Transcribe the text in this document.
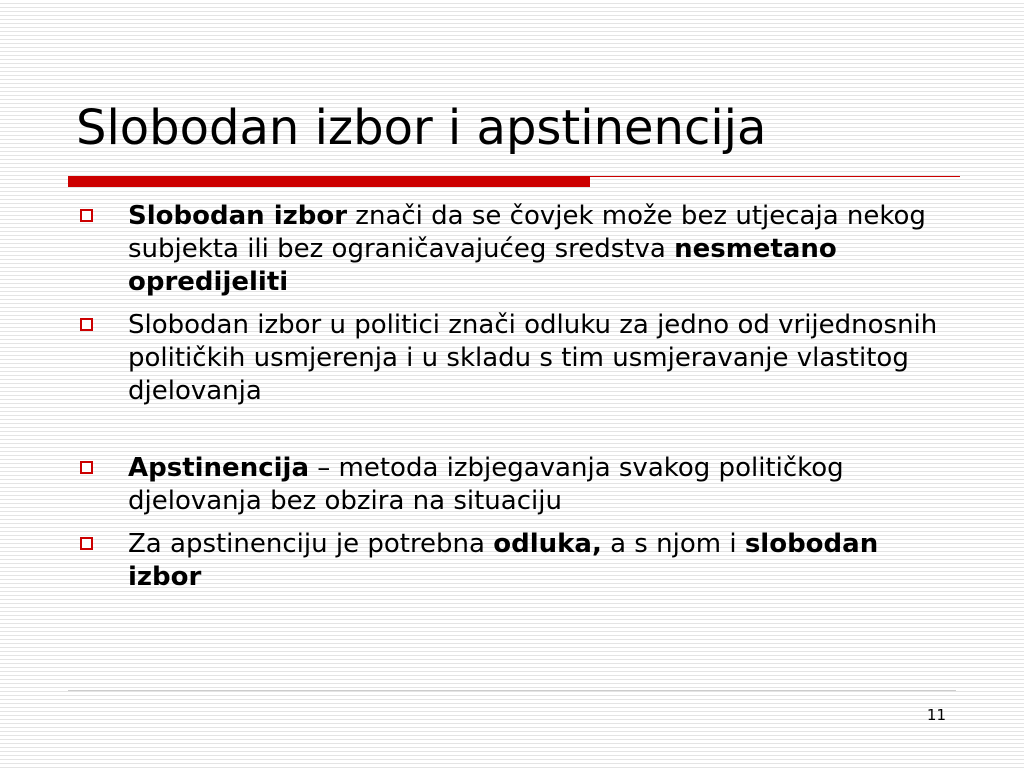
Slobodan izbor i apstinencija
Slobodan izbor znači da se čovjek može bez utjecaja nekog subjekta ili bez ograničavajućeg sredstva nesmetano opredijeliti
Slobodan izbor u politici znači odluku za jedno od vrijednosnih političkih usmjerenja i u skladu s tim usmjeravanje vlastitog djelovanja
Apstinencija – metoda izbjegavanja svakog političkog djelovanja bez obzira na situaciju
Za apstinenciju je potrebna odluka, a s njom i slobodan izbor
11
